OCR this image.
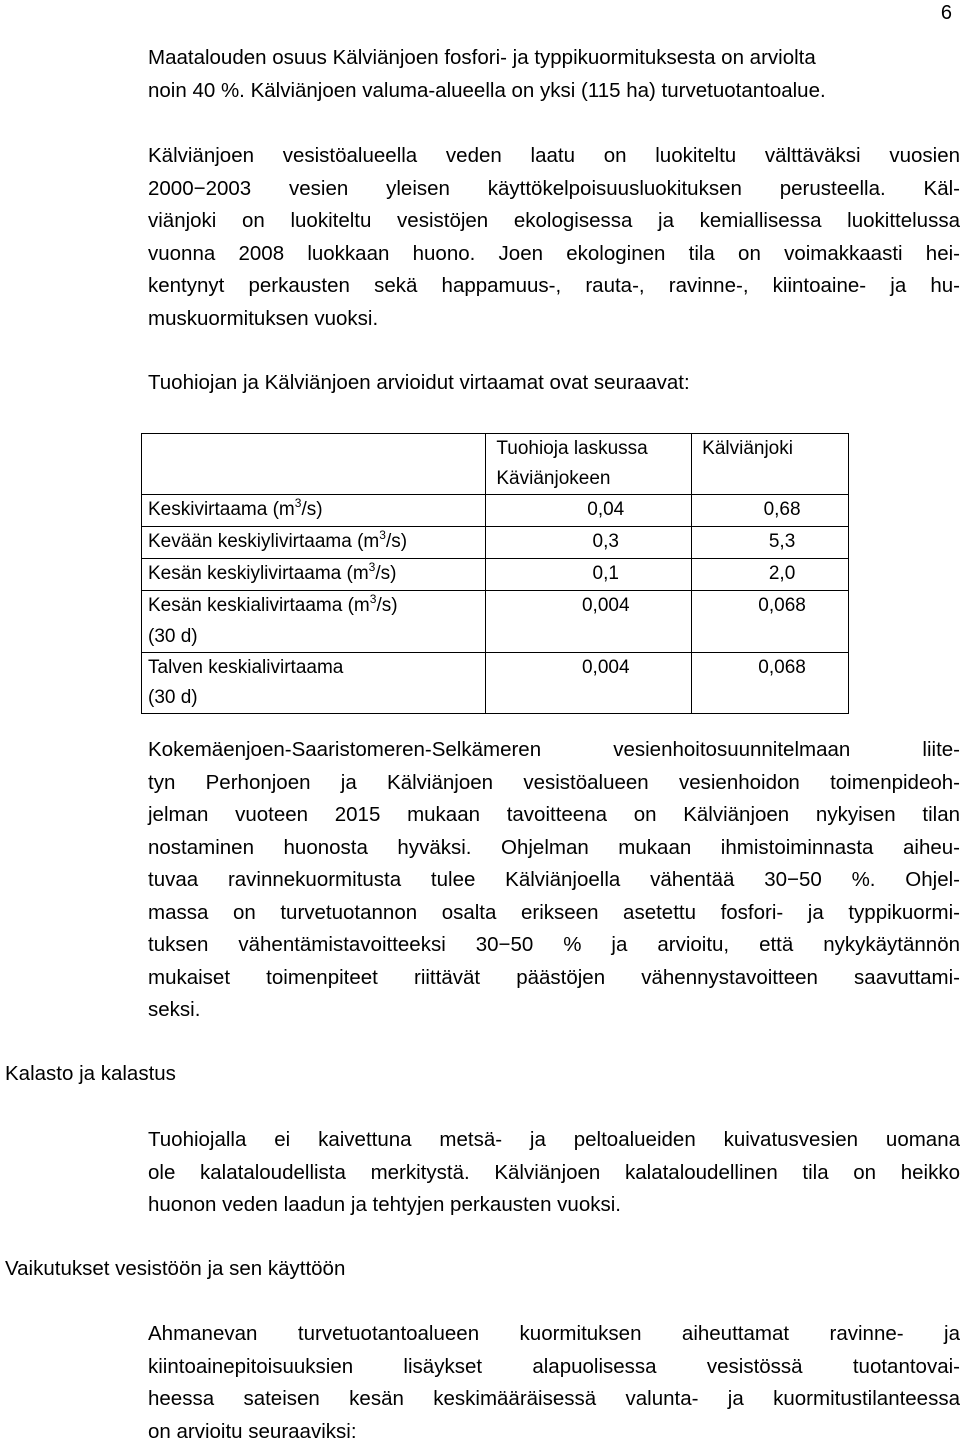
6

Maatalouden osuus Kälviänjoen fosfori- ja typpikuormituksesta on arviolta
noin 40 %. Kälviänjoen valuma-alueella on yksi (115 ha) turvetuotantoalue.

Kälviänjoen vesistöalueella veden laatu on luokiteltu välttäväksi vuosien
2000−2003 vesien yleisen käyttökelpoisuusluokituksen perusteella. Käl-
viänjoki on luokiteltu vesistöjen ekologisessa ja kemiallisessa luokittelussa
vuonna 2008 luokkaan huono. Joen ekologinen tila on voimakkaasti hei-
kentynyt perkausten sekä happamuus-, rauta-, ravinne-, kiintoaine- ja hu-
muskuormituksen vuoksi.

Tuohiojan ja Kälviänjoen arvioidut virtaamat ovat seuraavat:

	Tuohioja laskussa Käviänjokeen	Kälviänjoki
Keskivirtaama $(m^3/s)$	0,04	0,68
Kevään keskiylivirtaama $(m^3/s)$	0,3	5,3
Kesän keskiylivirtaama $(m^3/s)$	0,1	2,0
Kesän keskialivirtaama $(m^3/s)$
(30 d)	0,004	0,068
Talven keskialivirtaama
(30 d)	0,004	0,068

Kokemäenjoen-Saaristomeren-Selkämeren vesienhoitosuunnitelmaan liite-
tyn Perhonjoen ja Kälviänjoen vesistöalueen vesienhoidon toimenpideoh-
jelman vuoteen 2015 mukaan tavoitteena on Kälviänjoen nykyisen tilan
nostaminen huonosta hyväksi. Ohjelman mukaan ihmistoiminnasta aiheu-
tuvaa ravinnekuormitusta tulee Kälviänjoella vähentää 30−50 %. Ohjel-
massa on turvetuotannon osalta erikseen asetettu fosfori- ja typpikuormi-
tuksen vähentämistavoitteeksi 30−50 % ja arvioitu, että nykykäytännön
mukaiset toimenpiteet riittävät päästöjen vähennystavoitteen saavuttami-
seksi.

Kalasto ja kalastus

Tuohiojalla ei kaivettuna metsä- ja peltoalueiden kuivatusvesien uomana
ole kalataloudellista merkitystä. Kälviänjoen kalataloudellinen tila on heikko
huonon veden laadun ja tehtyjen perkausten vuoksi.

Vaikutukset vesistöön ja sen käyttöön

Ahmanevan turvetuotantoalueen kuormituksen aiheuttamat ravinne- ja
kiintoainepitoisuuksien lisäykset alapuolisessa vesistössä tuotantovai-
heessa sateisen kesän keskimääräisessä valunta- ja kuormitustilanteessa
on arvioitu seuraaviksi:
